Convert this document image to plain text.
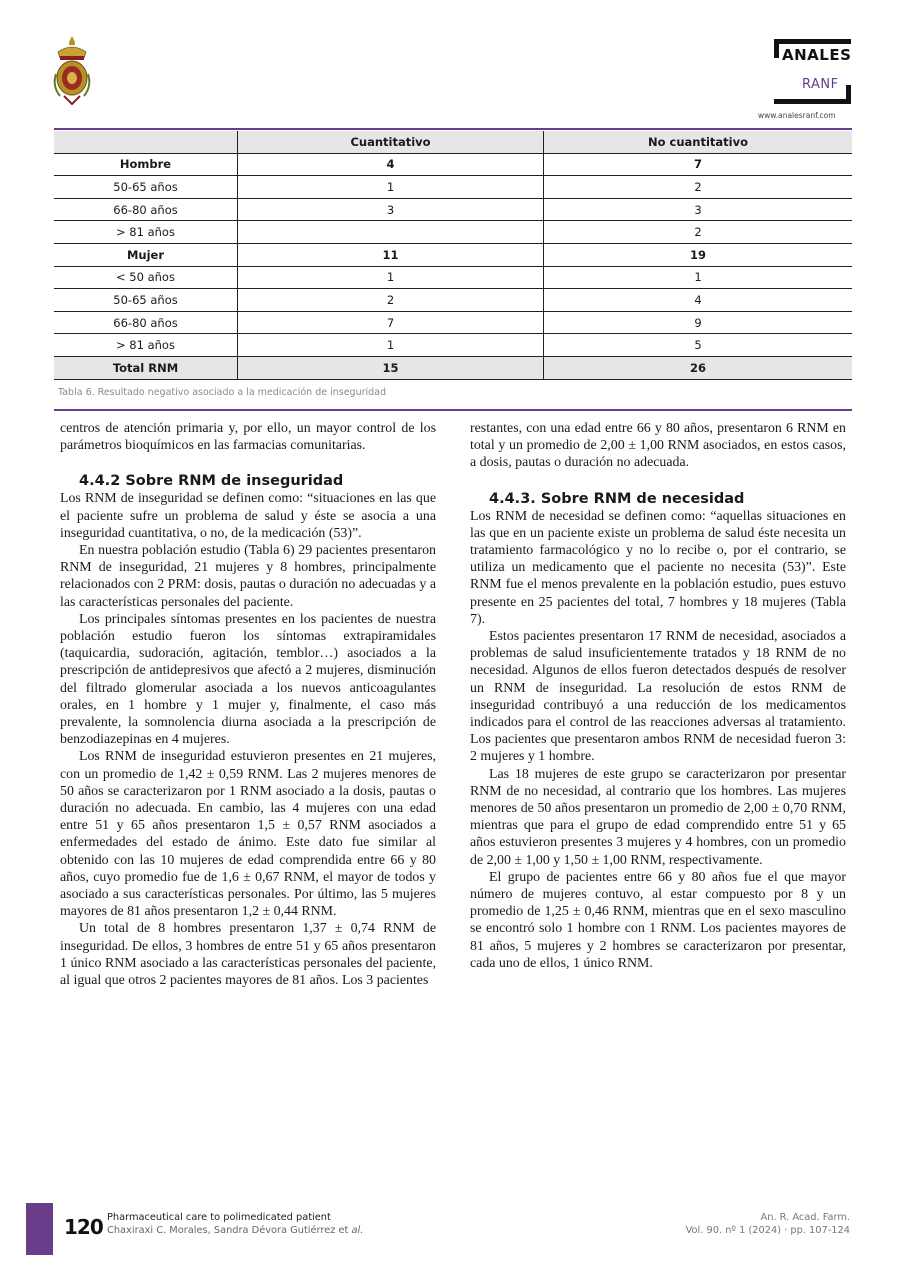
ANALES
RANF
www.analesranf.com
	Cuantitativo	No cuantitativo
Hombre	4	7
50-65 años	1	2
66-80 años	3	3
> 81 años		2
Mujer	11	19
< 50 años	1	1
50-65 años	2	4
66-80 años	7	9
> 81 años	1	5
Total RNM	15	26
Tabla 6. Resultado negativo asociado a la medicación de inseguridad

centros de atención primaria y, por ello, un mayor control de los parámetros bioquímicos en las farmacias comunitarias.

4.4.2 Sobre RNM de inseguridad

Los RNM de inseguridad se definen como: “situaciones en las que el paciente sufre un problema de salud y éste se asocia a una inseguridad cuantitativa, o no, de la medicación (53)”.

En nuestra población estudio (Tabla 6) 29 pacientes presentaron RNM de inseguridad, 21 mujeres y 8 hombres, principalmente relacionados con 2 PRM: dosis, pautas o duración no adecuadas y a las características personales del paciente.

Los principales síntomas presentes en los pacientes de nuestra población estudio fueron los síntomas extrapiramidales (taquicardia, sudoración, agitación, temblor…) asociados a la prescripción de antidepresivos que afectó a 2 mujeres, disminución del filtrado glomerular asociada a los nuevos anticoagulantes orales, en 1 hombre y 1 mujer y, finalmente, el caso más prevalente, la somnolencia diurna asociada a la prescripción de benzodiazepinas en 4 mujeres.

Los RNM de inseguridad estuvieron presentes en 21 mujeres, con un promedio de 1,42 ± 0,59 RNM. Las 2 mujeres menores de 50 años se caracterizaron por 1 RNM asociado a la dosis, pautas o duración no adecuada. En cambio, las 4 mujeres con una edad entre 51 y 65 años presentaron 1,5 ± 0,57 RNM asociados a enfermedades del estado de ánimo. Este dato fue similar al obtenido con las 10 mujeres de edad comprendida entre 66 y 80 años, cuyo promedio fue de 1,6 ± 0,67 RNM, el mayor de todos y asociado a sus características personales. Por último, las 5 mujeres mayores de 81 años presentaron 1,2 ± 0,44 RNM.

Un total de 8 hombres presentaron 1,37 ± 0,74 RNM de inseguridad. De ellos, 3 hombres de entre 51 y 65 años presentaron 1 único RNM asociado a las características personales del paciente, al igual que otros 2 pacientes mayores de 81 años. Los 3 pacientes

restantes, con una edad entre 66 y 80 años, presentaron 6 RNM en total y un promedio de 2,00 ± 1,00 RNM asociados, en estos casos, a dosis, pautas o duración no adecuada.

4.4.3. Sobre RNM de necesidad

Los RNM de necesidad se definen como: “aquellas situaciones en las que en un paciente existe un problema de salud éste necesita un tratamiento farmacológico y no lo recibe o, por el contrario, se utiliza un medicamento que el paciente no necesita (53)”. Este RNM fue el menos prevalente en la población estudio, pues estuvo presente en 25 pacientes del total, 7 hombres y 18 mujeres (Tabla 7).

Estos pacientes presentaron 17 RNM de necesidad, asociados a problemas de salud insuficientemente tratados y 18 RNM de no necesidad. Algunos de ellos fueron detectados después de resolver un RNM de inseguridad. La resolución de estos RNM de inseguridad contribuyó a una reducción de los medicamentos indicados para el control de las reacciones adversas al tratamiento. Los pacientes que presentaron ambos RNM de necesidad fueron 3: 2 mujeres y 1 hombre.

Las 18 mujeres de este grupo se caracterizaron por presentar RNM de no necesidad, al contrario que los hombres. Las mujeres menores de 50 años presentaron un promedio de 2,00 ± 0,70 RNM, mientras que para el grupo de edad comprendido entre 51 y 65 años estuvieron presentes 3 mujeres y 4 hombres, con un promedio de 2,00 ± 1,00 y 1,50 ± 1,00 RNM, respectivamente.

El grupo de pacientes entre 66 y 80 años fue el que mayor número de mujeres contuvo, al estar compuesto por 8 y un promedio de 1,25 ± 0,46 RNM, mientras que en el sexo masculino se encontró solo 1 hombre con 1 RNM. Los pacientes mayores de 81 años, 5 mujeres y 2 hombres se caracterizaron por presentar, cada uno de ellos, 1 único RNM.

120 Pharmaceutical care to polimedicated patient
Chaxiraxi C. Morales, Sandra Dévora Gutiérrez et al.
An. R. Acad. Farm.
Vol. 90. nº 1 (2024) · pp. 107-124
